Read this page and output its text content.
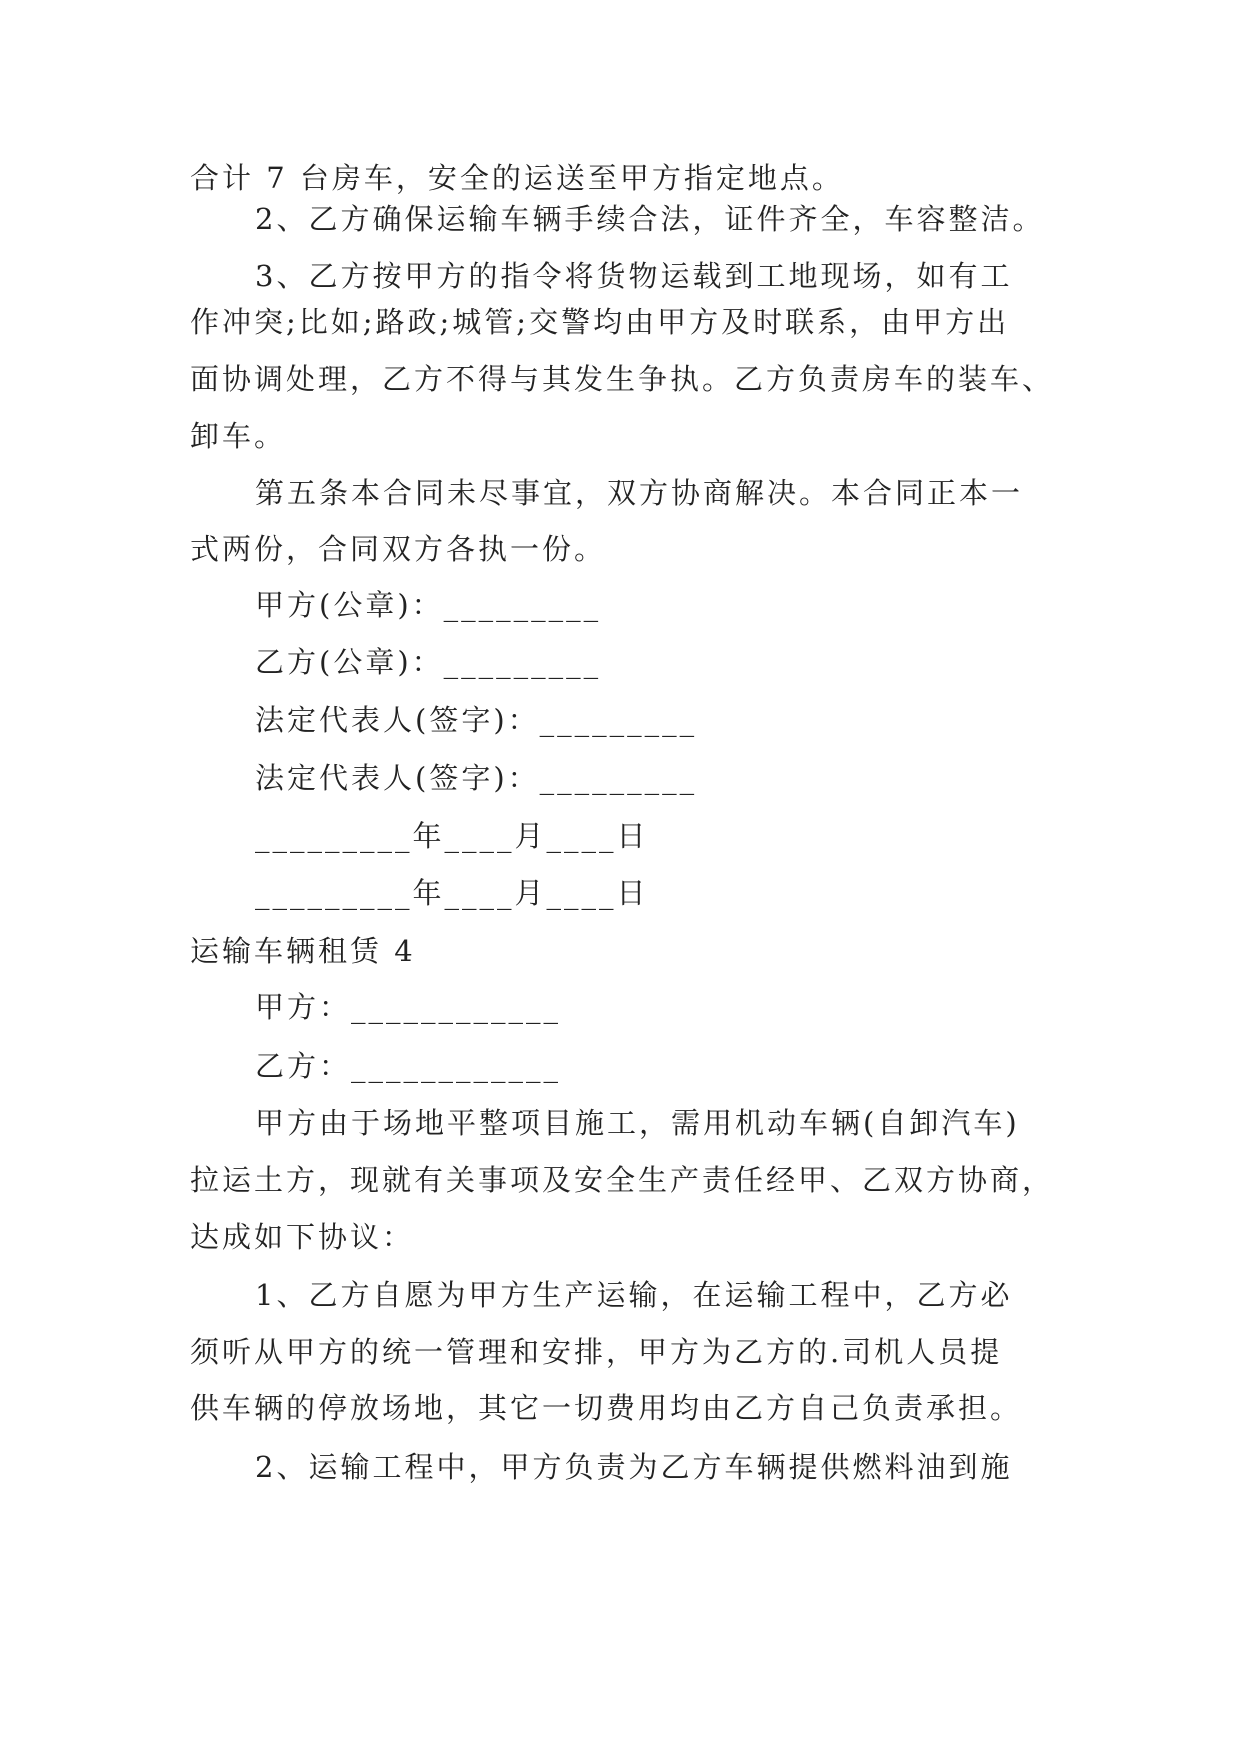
合计 7 台房车，安全的运送至甲方指定地点。
2、乙方确保运输车辆手续合法，证件齐全，车容整洁。
3、乙方按甲方的指令将货物运载到工地现场，如有工
作冲突;比如;路政;城管;交警均由甲方及时联系，由甲方出
面协调处理，乙方不得与其发生争执。乙方负责房车的装车、
卸车。
第五条本合同未尽事宜，双方协商解决。本合同正本一
式两份，合同双方各执一份。
甲方(公章)：_________
乙方(公章)：_________
法定代表人(签字)：_________
法定代表人(签字)：_________
_________年____月____日
_________年____月____日
运输车辆租赁 4
甲方：____________
乙方：____________
甲方由于场地平整项目施工，需用机动车辆(自卸汽车)
拉运土方，现就有关事项及安全生产责任经甲、乙双方协商，
达成如下协议：
1、乙方自愿为甲方生产运输，在运输工程中，乙方必
须听从甲方的统一管理和安排，甲方为乙方的.司机人员提
供车辆的停放场地，其它一切费用均由乙方自己负责承担。
2、运输工程中，甲方负责为乙方车辆提供燃料油到施
